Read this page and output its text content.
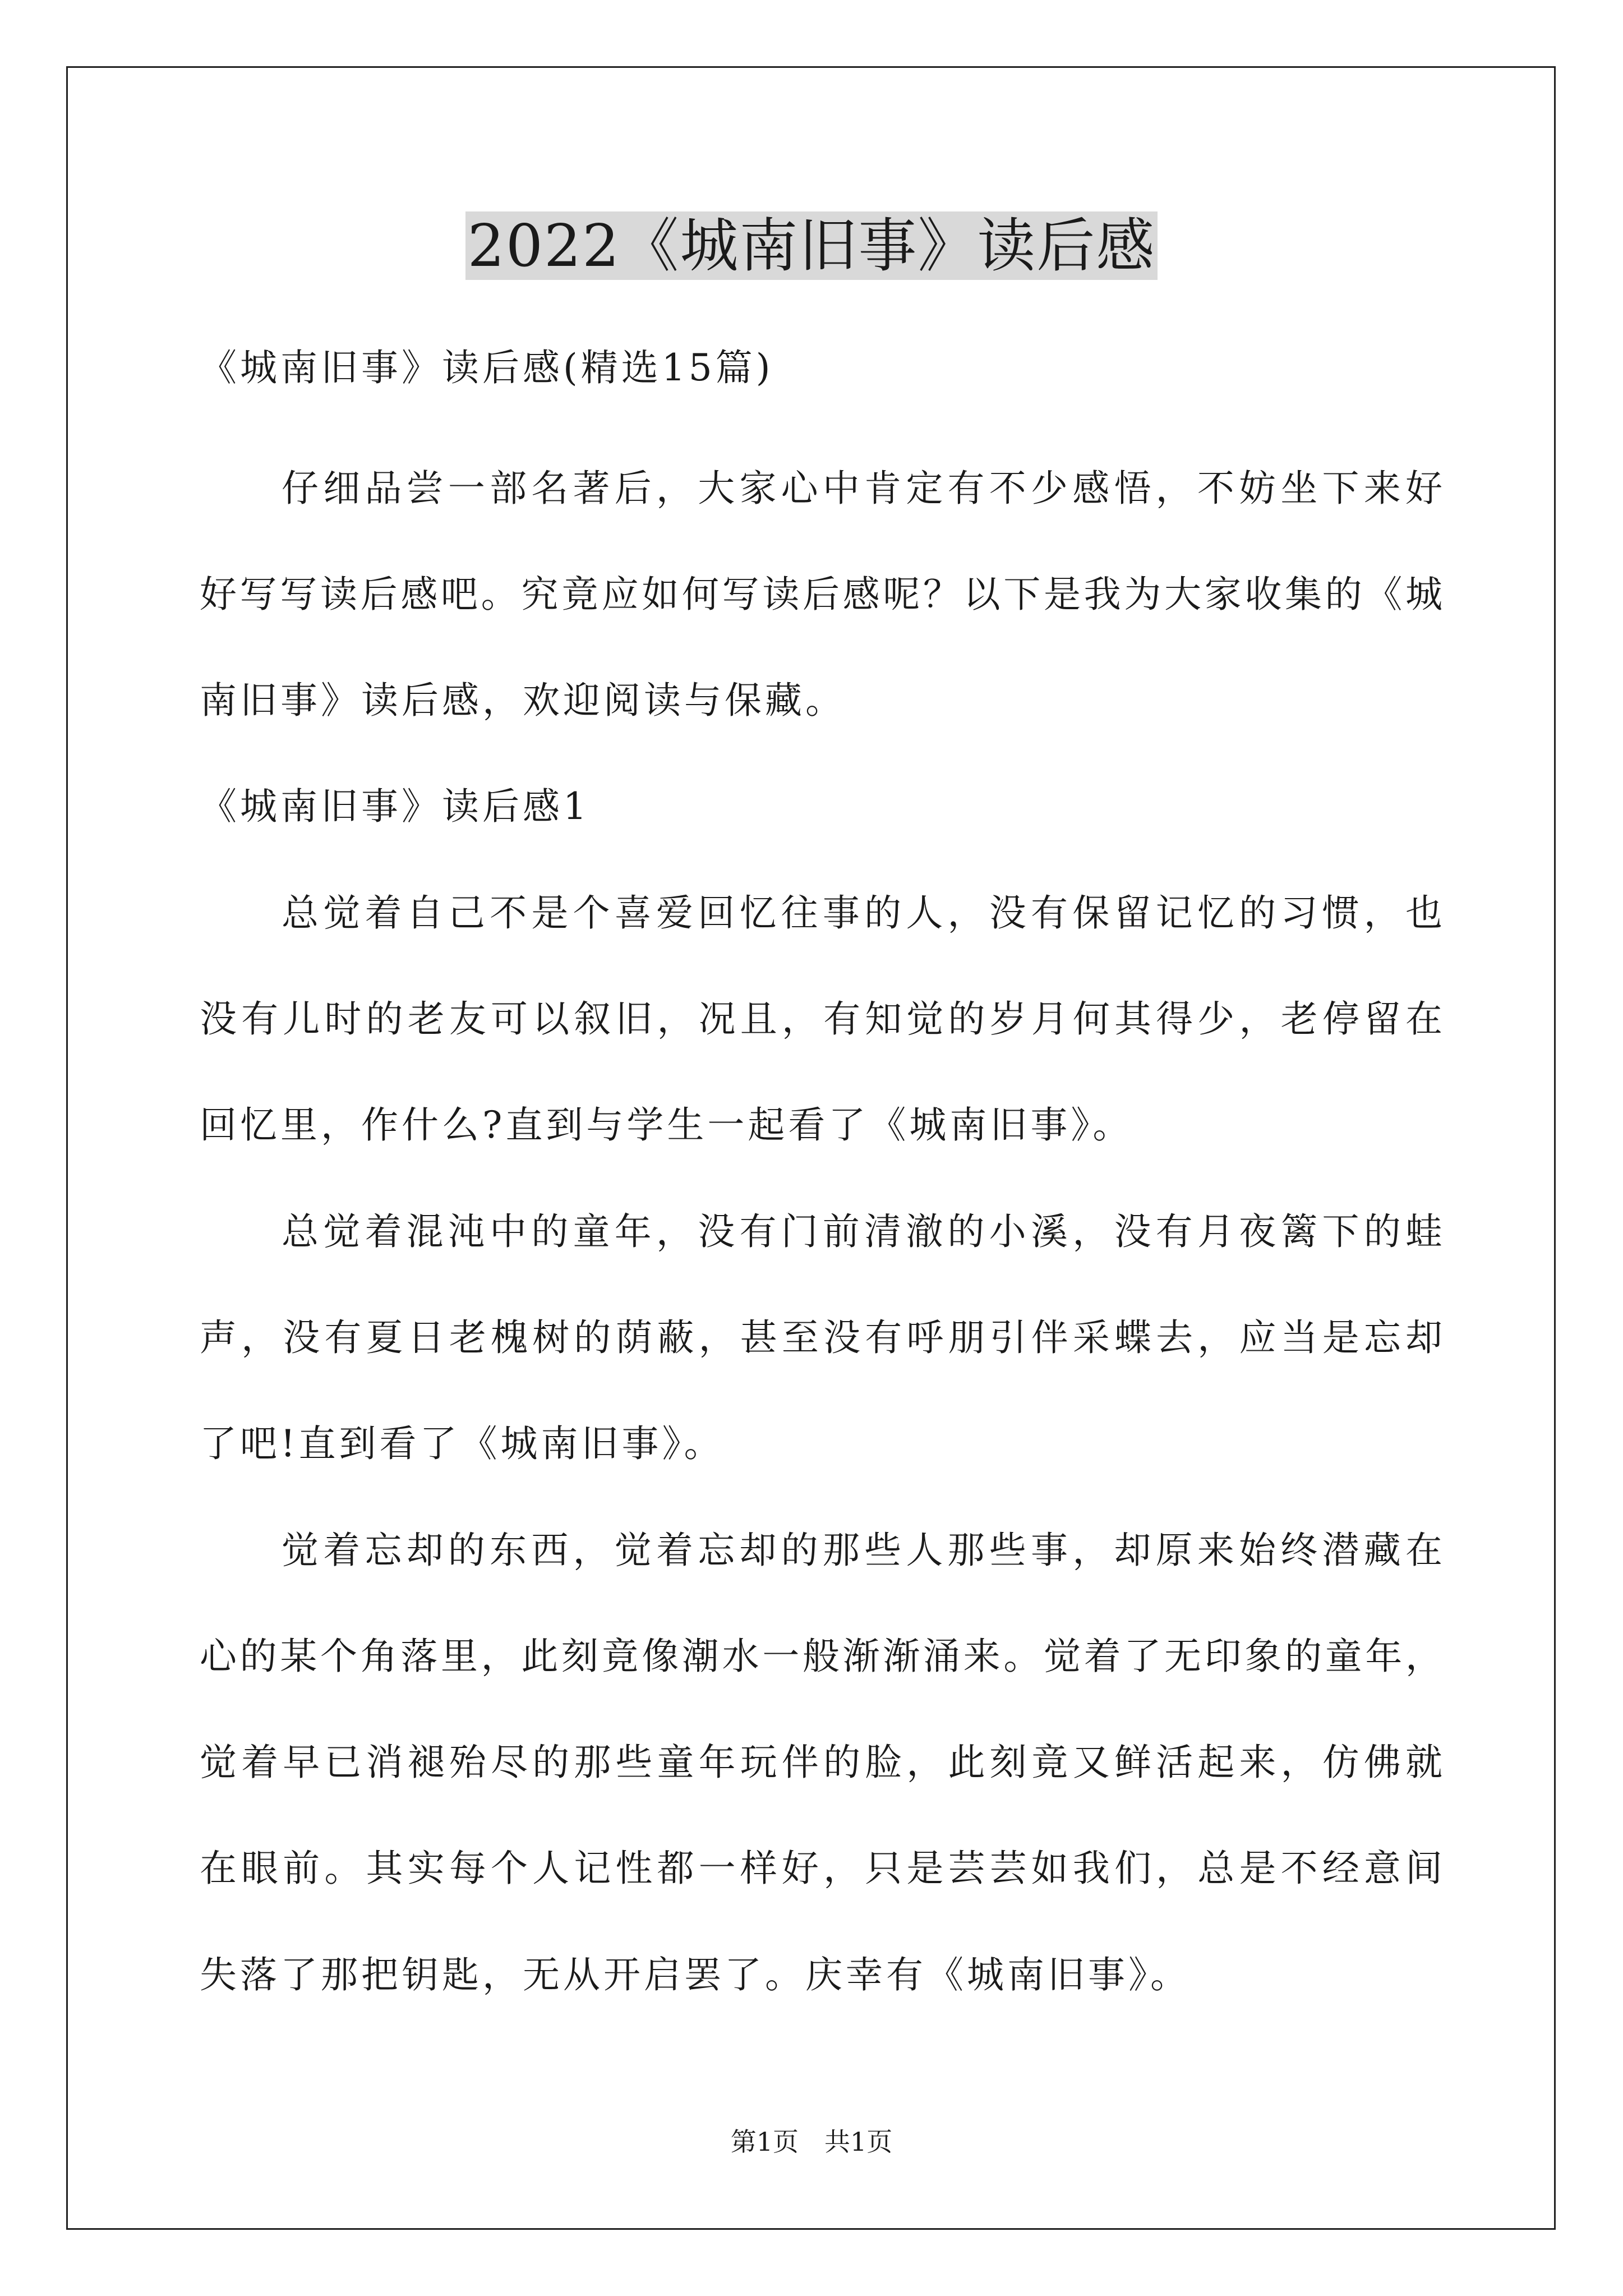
2022《城南旧事》读后感
《城南旧事》读后感(精选15篇)
仔细品尝一部名著后，大家心中肯定有不少感悟，不妨坐下来好
好写写读后感吧。究竟应如何写读后感呢？以下是我为大家收集的《城
南旧事》读后感，欢迎阅读与保藏。
《城南旧事》读后感1
总觉着自己不是个喜爱回忆往事的人，没有保留记忆的习惯，也
没有儿时的老友可以叙旧，况且，有知觉的岁月何其得少，老停留在
回忆里，作什么?直到与学生一起看了《城南旧事》。
总觉着混沌中的童年，没有门前清澈的小溪，没有月夜篱下的蛙
声，没有夏日老槐树的荫蔽，甚至没有呼朋引伴采蝶去，应当是忘却
了吧!直到看了《城南旧事》。
觉着忘却的东西，觉着忘却的那些人那些事，却原来始终潜藏在
心的某个角落里，此刻竟像潮水一般渐渐涌来。觉着了无印象的童年，
觉着早已消褪殆尽的那些童年玩伴的脸，此刻竟又鲜活起来，仿佛就
在眼前。其实每个人记性都一样好，只是芸芸如我们，总是不经意间
失落了那把钥匙，无从开启罢了。庆幸有《城南旧事》。
第1页　共1页
